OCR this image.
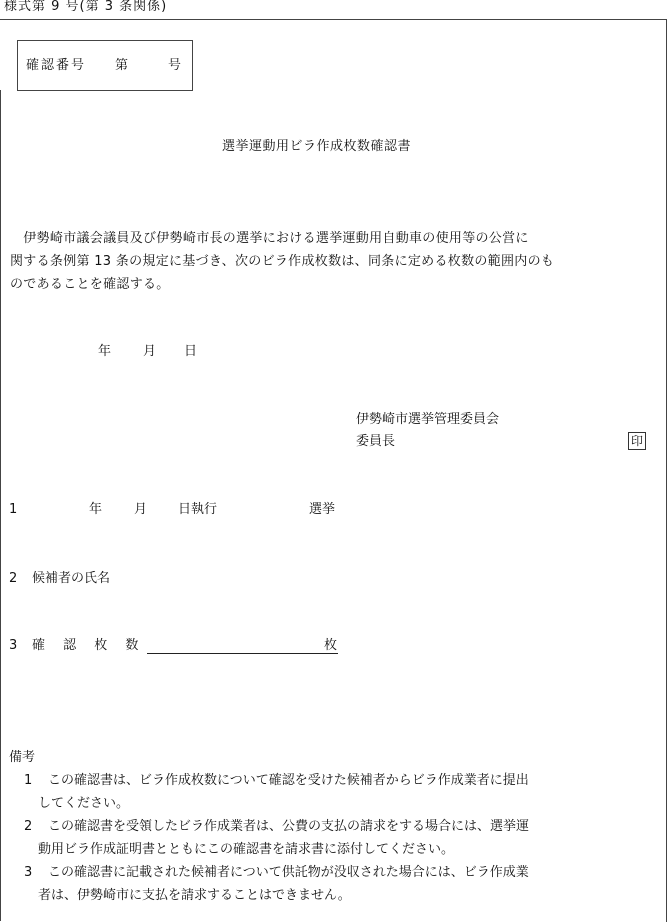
様式第 9 号(第 3 条関係)
確認番号 第	号
選挙運動用ビラ作成枚数確認書
　伊勢崎市議会議員及び伊勢崎市長の選挙における選挙運動用自動車の使用等の公営に
関する条例第 13 条の規定に基づき、次のビラ作成枚数は、同条に定める枚数の範囲内のも
のであることを確認する。
年 月 日
伊勢崎市選挙管理委員会
委員長	印
1	年 月 日執行	選挙
2 候補者の氏名
3 確 認 枚 数	枚
備考
1 この確認書は、ビラ作成枚数について確認を受けた候補者からビラ作成業者に提出
してください。
2 この確認書を受領したビラ作成業者は、公費の支払の請求をする場合には、選挙運
動用ビラ作成証明書とともにこの確認書を請求書に添付してください。
3 この確認書に記載された候補者について供託物が没収された場合には、ビラ作成業
者は、伊勢崎市に支払を請求することはできません。
